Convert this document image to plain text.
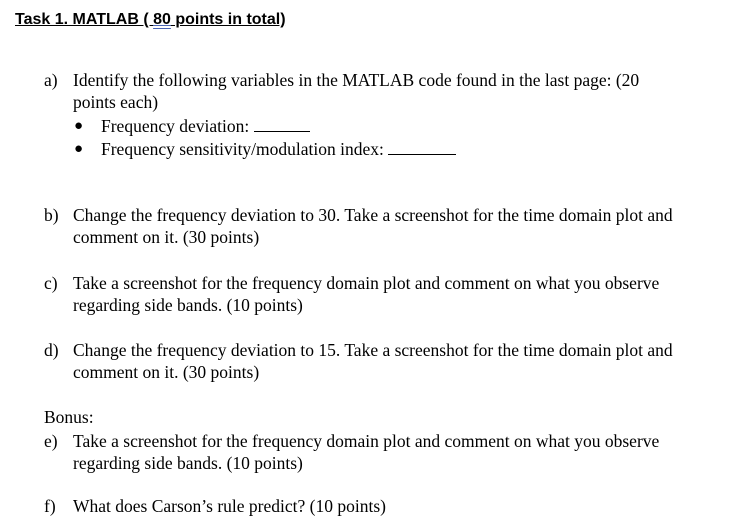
Task 1. MATLAB ( 80 points in total)
a) Identify the following variables in the MATLAB code found in the last page: (20
points each)
● Frequency deviation:
● Frequency sensitivity/modulation index:
b) Change the frequency deviation to 30. Take a screenshot for the time domain plot and
comment on it. (30 points)
c) Take a screenshot for the frequency domain plot and comment on what you observe
regarding side bands. (10 points)
d) Change the frequency deviation to 15. Take a screenshot for the time domain plot and
comment on it. (30 points)
Bonus:
e) Take a screenshot for the frequency domain plot and comment on what you observe
regarding side bands. (10 points)
f) What does Carson’s rule predict? (10 points)
